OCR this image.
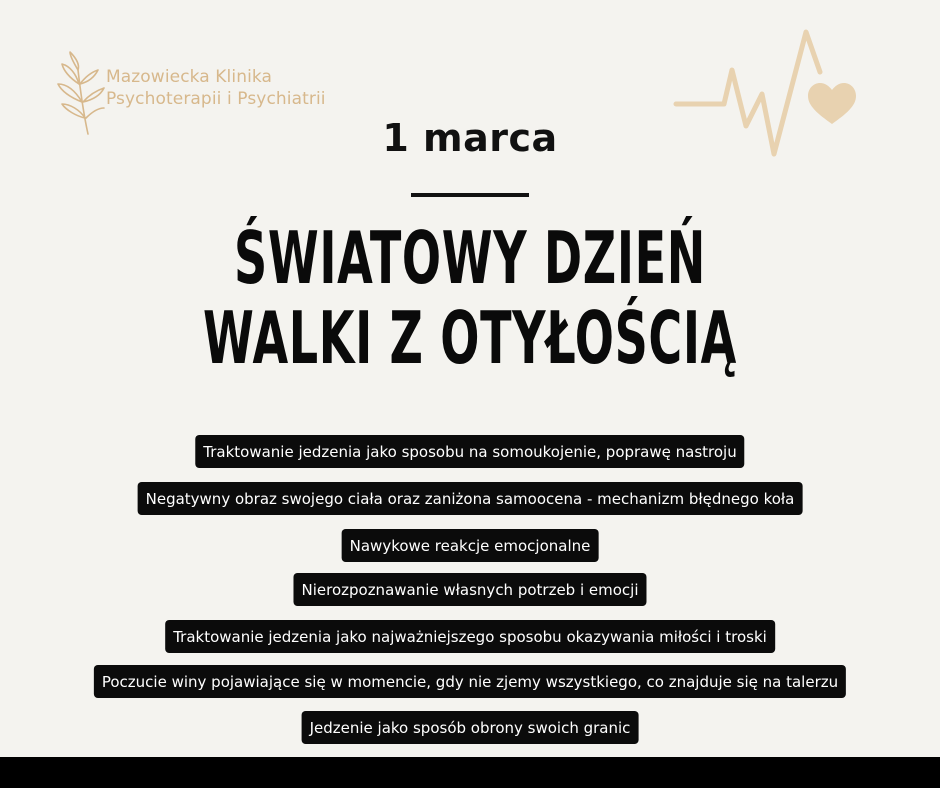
Mazowiecka Klinika
Psychoterapii i Psychiatrii
1 marca
ŚWIATOWY DZIEŃ
WALKI Z OTYŁOŚCIĄ
Traktowanie jedzenia jako sposobu na somoukojenie, poprawę nastroju
Negatywny obraz swojego ciała oraz zaniżona samoocena - mechanizm błędnego koła
Nawykowe reakcje emocjonalne
Nierozpoznawanie własnych potrzeb i emocji
Traktowanie jedzenia jako najważniejszego sposobu okazywania miłości i troski
Poczucie winy pojawiające się w momencie, gdy nie zjemy wszystkiego, co znajduje się na talerzu
Jedzenie jako sposób obrony swoich granic
